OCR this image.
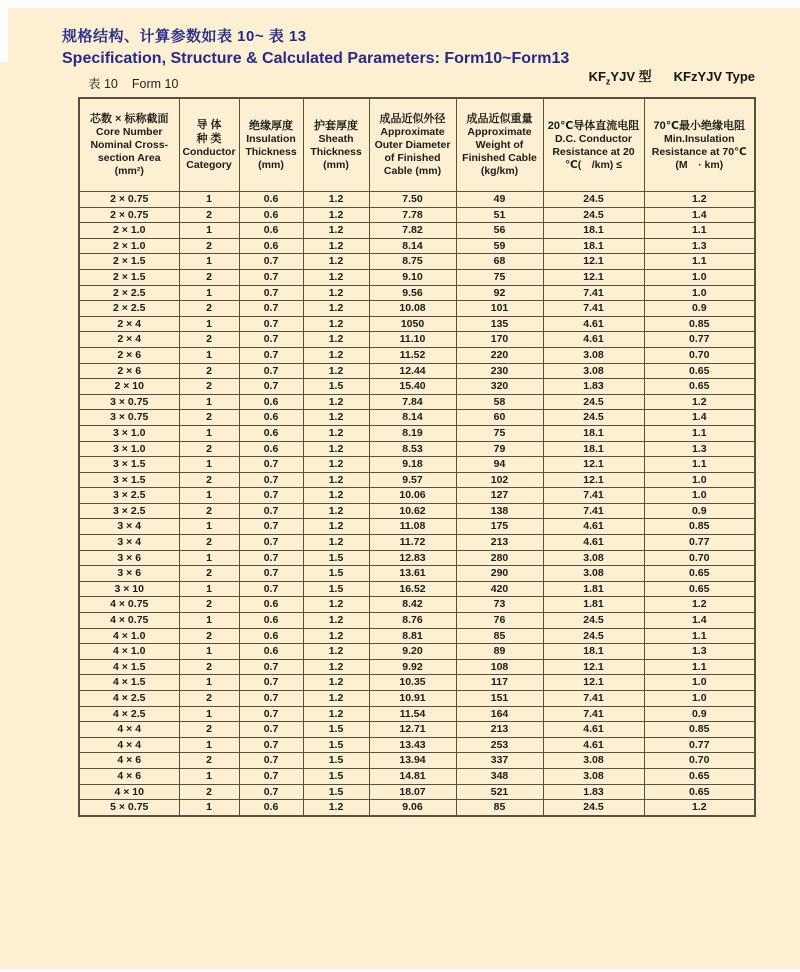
规格结构、计算参数如表 10~ 表 13
Specification, Structure & Calculated Parameters: Form10~Form13
表 10 Form 10	$KF_zYJV$ 型 KFzYJV Type
芯数 × 标称截面
Core Number
Nominal Cross-
section Area
(mm²)

导 体
种 类
Conductor
Category

绝缘厚度
Insulation
Thickness
(mm)

护套厚度
Sheath
Thickness
(mm)

成品近似外径
Approximate
Outer Diameter
of Finished
Cable (mm)

成品近似重量
Approximate
Weight of
Finished Cable
(kg/km)

20℃导体直流电阻
D.C. Conductor
Resistance at 20
℃(　/km) ≤

70℃最小绝缘电阻
Min.Insulation
Resistance at 70℃
(M　· km)

2 × 0.75	1	0.6	1.2	7.50	49	24.5	1.2
2 × 0.75	2	0.6	1.2	7.78	51	24.5	1.4
2 × 1.0	1	0.6	1.2	7.82	56	18.1	1.1
2 × 1.0	2	0.6	1.2	8.14	59	18.1	1.3
2 × 1.5	1	0.7	1.2	8.75	68	12.1	1.1
2 × 1.5	2	0.7	1.2	9.10	75	12.1	1.0
2 × 2.5	1	0.7	1.2	9.56	92	7.41	1.0
2 × 2.5	2	0.7	1.2	10.08	101	7.41	0.9
2 × 4	1	0.7	1.2	1050	135	4.61	0.85
2 × 4	2	0.7	1.2	11.10	170	4.61	0.77
2 × 6	1	0.7	1.2	11.52	220	3.08	0.70
2 × 6	2	0.7	1.2	12.44	230	3.08	0.65
2 × 10	2	0.7	1.5	15.40	320	1.83	0.65
3 × 0.75	1	0.6	1.2	7.84	58	24.5	1.2
3 × 0.75	2	0.6	1.2	8.14	60	24.5	1.4
3 × 1.0	1	0.6	1.2	8.19	75	18.1	1.1
3 × 1.0	2	0.6	1.2	8.53	79	18.1	1.3
3 × 1.5	1	0.7	1.2	9.18	94	12.1	1.1
3 × 1.5	2	0.7	1.2	9.57	102	12.1	1.0
3 × 2.5	1	0.7	1.2	10.06	127	7.41	1.0
3 × 2.5	2	0.7	1.2	10.62	138	7.41	0.9
3 × 4	1	0.7	1.2	11.08	175	4.61	0.85
3 × 4	2	0.7	1.2	11.72	213	4.61	0.77
3 × 6	1	0.7	1.5	12.83	280	3.08	0.70
3 × 6	2	0.7	1.5	13.61	290	3.08	0.65
3 × 10	1	0.7	1.5	16.52	420	1.81	0.65
4 × 0.75	2	0.6	1.2	8.42	73	1.81	1.2
4 × 0.75	1	0.6	1.2	8.76	76	24.5	1.4
4 × 1.0	2	0.6	1.2	8.81	85	24.5	1.1
4 × 1.0	1	0.6	1.2	9.20	89	18.1	1.3
4 × 1.5	2	0.7	1.2	9.92	108	12.1	1.1
4 × 1.5	1	0.7	1.2	10.35	117	12.1	1.0
4 × 2.5	2	0.7	1.2	10.91	151	7.41	1.0
4 × 2.5	1	0.7	1.2	11.54	164	7.41	0.9
4 × 4	2	0.7	1.5	12.71	213	4.61	0.85
4 × 4	1	0.7	1.5	13.43	253	4.61	0.77
4 × 6	2	0.7	1.5	13.94	337	3.08	0.70
4 × 6	1	0.7	1.5	14.81	348	3.08	0.65
4 × 10	2	0.7	1.5	18.07	521	1.83	0.65
5 × 0.75	1	0.6	1.2	9.06	85	24.5	1.2
